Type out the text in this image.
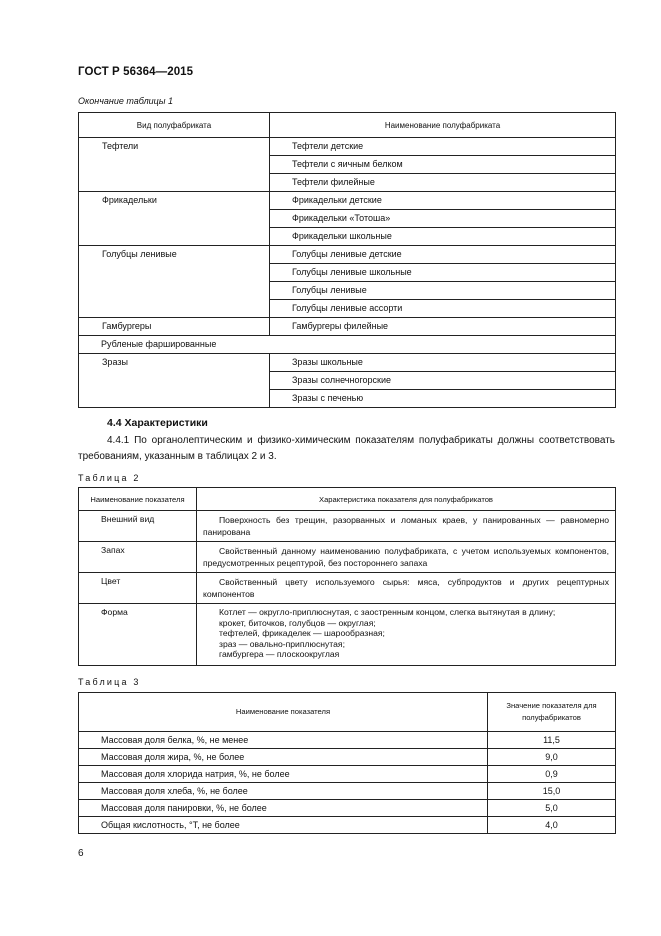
ГОСТ Р 56364—2015
Окончание таблицы 1
Вид полуфабриката	Наименование полуфабриката
Тефтели	Тефтели детские
	Тефтели с яичным белком
	Тефтели филейные
Фрикадельки	Фрикадельки детские
	Фрикадельки «Тотоша»
	Фрикадельки школьные
Голубцы ленивые	Голубцы ленивые детские
	Голубцы ленивые школьные
	Голубцы ленивые
	Голубцы ленивые ассорти
Гамбургеры	Гамбургеры филейные
Рубленые фаршированные	
Зразы	Зразы школьные
	Зразы солнечногорские
	Зразы с печенью
4.4 Характеристики
4.4.1 По органолептическим и физико-химическим показателям полуфабрикаты должны соответствовать требованиям, указанным в таблицах 2 и 3.
Таблица 2
Наименование показателя	Характеристика показателя для полуфабрикатов
Внешний вид	Поверхность без трещин, разорванных и ломаных краев, у панированных — равномерно панирована
Запах	Свойственный данному наименованию полуфабриката, с учетом используемых компонентов, предусмотренных рецептурой, без постороннего запаха
Цвет	Свойственный цвету используемого сырья: мяса, субпродуктов и других рецептурных компонентов
Форма	Котлет — округло-приплюснутая, с заостренным концом, слегка вытянутая в длину;
крокет, биточков, голубцов — округлая;
тефтелей, фрикаделек — шарообразная;
зраз — овально-приплюснутая;
гамбургера — плоскоокруглая
Таблица 3
Наименование показателя	Значение показателя для полуфабрикатов
Массовая доля белка, %, не менее	11,5
Массовая доля жира, %, не более	9,0
Массовая доля хлорида натрия, %, не более	0,9
Массовая доля хлеба, %, не более	15,0
Массовая доля панировки, %, не более	5,0
Общая кислотность, °Т, не более	4,0
6
